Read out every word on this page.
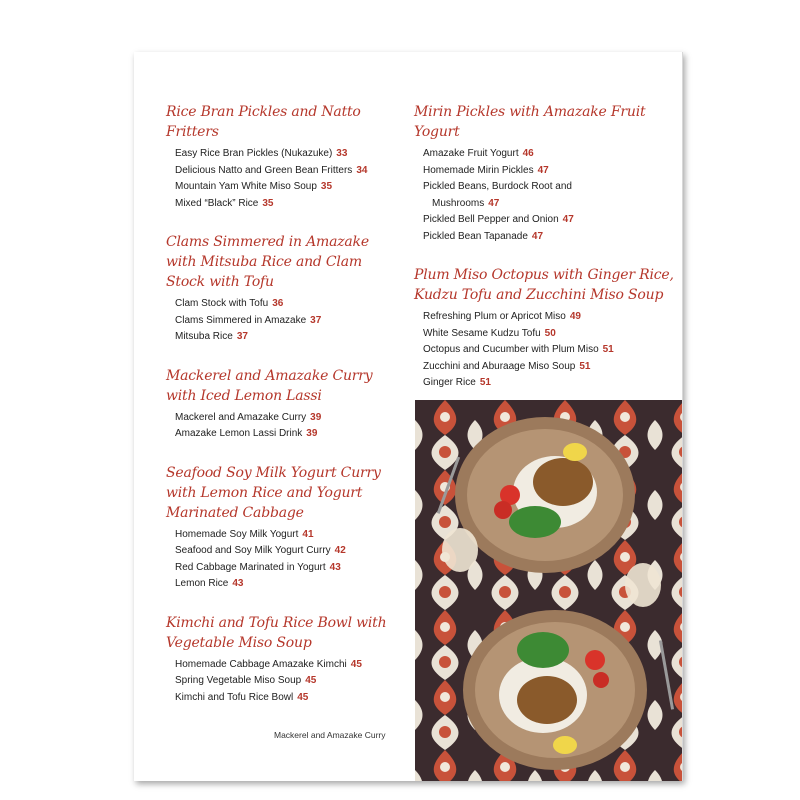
Rice Bran Pickles and Natto Fritters
Easy Rice Bran Pickles (Nukazuke) 33
Delicious Natto and Green Bean Fritters 34
Mountain Yam White Miso Soup 35
Mixed “Black” Rice 35
Clams Simmered in Amazake with Mitsuba Rice and Clam Stock with Tofu
Clam Stock with Tofu 36
Clams Simmered in Amazake 37
Mitsuba Rice 37
Mackerel and Amazake Curry with Iced Lemon Lassi
Mackerel and Amazake Curry 39
Amazake Lemon Lassi Drink 39
Seafood Soy Milk Yogurt Curry with Lemon Rice and Yogurt Marinated Cabbage
Homemade Soy Milk Yogurt 41
Seafood and Soy Milk Yogurt Curry 42
Red Cabbage Marinated in Yogurt 43
Lemon Rice 43
Kimchi and Tofu Rice Bowl with Vegetable Miso Soup
Homemade Cabbage Amazake Kimchi 45
Spring Vegetable Miso Soup 45
Kimchi and Tofu Rice Bowl 45
Mirin Pickles with Amazake Fruit Yogurt
Amazake Fruit Yogurt 46
Homemade Mirin Pickles 47
Pickled Beans, Burdock Root and
Mushrooms 47
Pickled Bell Pepper and Onion 47
Pickled Bean Tapanade 47
Plum Miso Octopus with Ginger Rice, Kudzu Tofu and Zucchini Miso Soup
Refreshing Plum or Apricot Miso 49
White Sesame Kudzu Tofu 50
Octopus and Cucumber with Plum Miso 51
Zucchini and Aburaage Miso Soup 51
Ginger Rice 51
Mackerel and Amazake Curry
